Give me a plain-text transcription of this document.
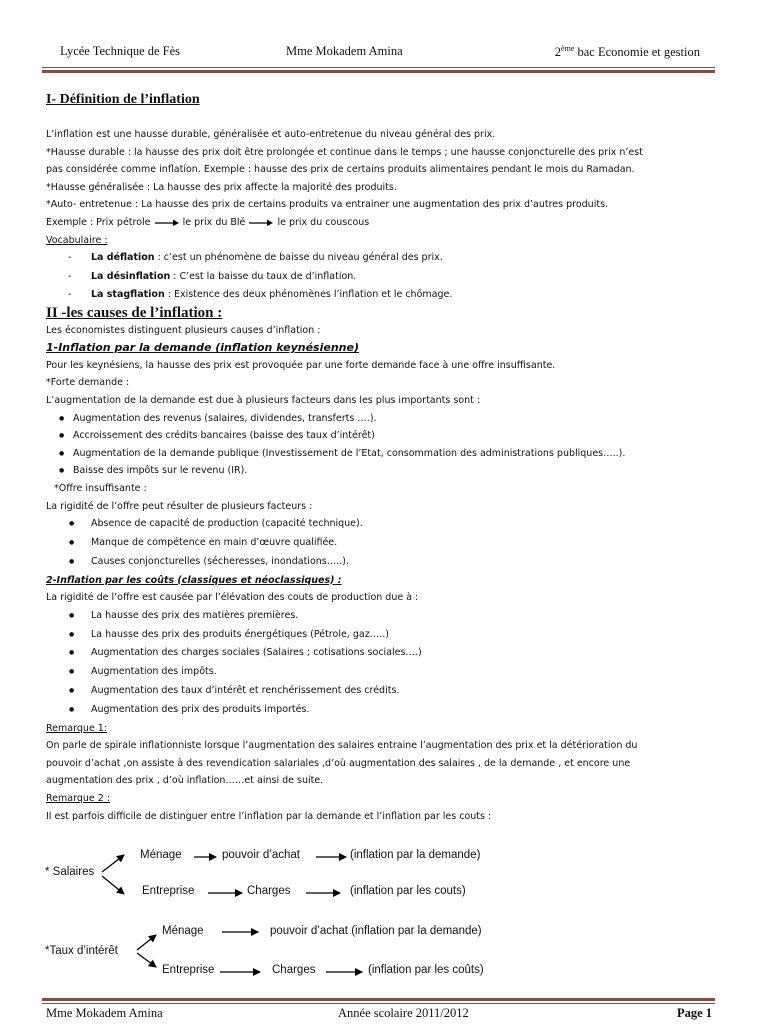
Lycée Technique de Fès	Mme Mokadem Amina	2ème bac Economie et gestion

I- Définition de l’inflation

L’inflation est une hausse durable, généralisée et auto-entretenue du niveau général des prix.

*Hausse durable : la hausse des prix doit être prolongée et continue dans le temps ; une hausse conjoncturelle des prix n’est

pas considérée comme inflation. Exemple : hausse des prix de certains produits alimentaires pendant le mois du Ramadan.

*Hausse généralisée : La hausse des prix affecte la majorité des produits.

*Auto- entretenue : La hausse des prix de certains produits va entrainer une augmentation des prix d’autres produits.

Exemple : Prix pétrole	le prix du Blé	le prix du couscous

Vocabulaire :

- La déflation : c’est un phénomène de baisse du niveau général des prix.
- La désinflation : C’est la baisse du taux de d’inflation.
- La stagflation : Existence des deux phénomènes l’inflation et le chômage.

II -les causes de l’inflation :

Les économistes distinguent plusieurs causes d’inflation :

1-Inflation par la demande (inflation keynésienne)

Pour les keynésiens, la hausse des prix est provoquée par une forte demande face à une offre insuffisante.

*Forte demande :

L’augmentation de la demande est due à plusieurs facteurs dans les plus importants sont :

● Augmentation des revenus (salaires, dividendes, transferts ….).
● Accroissement des crédits bancaires (baisse des taux d’intérêt)
● Augmentation de la demande publique (Investissement de l’Etat, consommation des administrations publiques…..).
● Baisse des impôts sur le revenu (IR).

*Offre insuffisante :

La rigidité de l’offre peut résulter de plusieurs facteurs :

● Absence de capacité de production (capacité technique).
● Manque de compétence en main d’œuvre qualifiée.
● Causes conjoncturelles (sécheresses, inondations…..).

2-Inflation par les coûts (classiques et néoclassiques) :

La rigidité de l’offre est causée par l’élévation des couts de production due à :

● La hausse des prix des matières premières.
● La hausse des prix des produits énergétiques (Pétrole, gaz…..)
● Augmentation des charges sociales (Salaires ; cotisations sociales….)
● Augmentation des impôts.
● Augmentation des taux d’intérêt et renchérissement des crédits.
● Augmentation des prix des produits importés.

Remarque 1:

On parle de spirale inflationniste lorsque l’augmentation des salaires entraine l’augmentation des prix et la détérioration du

pouvoir d’achat ,on assiste à des revendication salariales ,d’où augmentation des salaires , de la demande , et encore une

augmentation des prix , d’où inflation……et ainsi de suite.

Remarque 2 :

Il est parfois difficile de distinguer entre l’inflation par la demande et l’inflation par les couts :

* Salaires
Ménage	pouvoir d’achat	(inflation par la demande)
Entreprise	Charges	(inflation par les couts)
*Taux d’intérêt
Ménage	pouvoir d’achat (inflation par la demande)
Entreprise	Charges	(inflation par les coûts)
Mme Mokadem Amina	Année scolaire 2011/2012	Page 1
